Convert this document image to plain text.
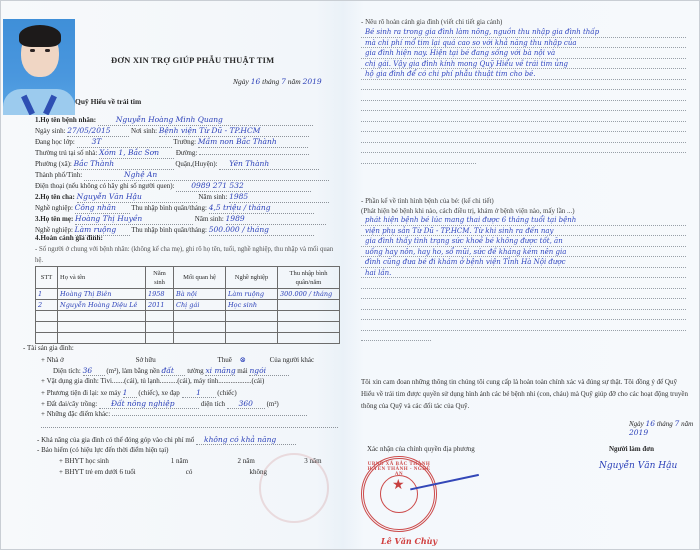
ĐƠN XIN TRỢ GIÚP PHẪU THUẬT TIM
Ngày 16 tháng 7 năm 2019
Quỹ Hiểu về trái tim
1.Họ tên bệnh nhân:	Nguyễn Hoàng Minh Quang
Ngày sinh: 27/05/2015	Nơi sinh: Bệnh viện Từ Dũ - TP.HCM
Đang học lớp: 3T	Trường: Mầm non Bắc Thành
Thường trú tại số nhà: Xóm 1, Bắc Sơn Đường:
Phường (xã): Bắc Thành	Quận,(Huyện): Yên Thành
Thành phố/Tỉnh:	Nghệ An
Điện thoại (nếu không có hãy ghi số người quen): 0989 271 532
2.Họ tên cha: Nguyễn Văn Hậu	Năm sinh: 1985
Nghề nghiệp: Công nhân Thu nhập bình quân/tháng: 4,5 triệu / tháng
3.Họ tên mẹ: Hoàng Thị Huyền	Năm sinh: 1989
Nghề nghiệp: Làm ruộng Thu nhập bình quân/tháng: 500.000 / tháng
4.Hoàn cảnh gia đình:
- Số người ở chung với bệnh nhân: (không kể cha mẹ), ghi rõ họ tên, tuổi, nghề nghiệp, thu nhập và mối quan hệ.
STT	Họ và tên	Năm sinh	Mối quan hệ	Nghề nghiệp	Thu nhập bình quân/năm
1	Hoàng Thị Biên	1958	Bà nội	Làm ruộng	300.000 / tháng
2	Nguyễn Hoàng Diệu Lê	2011	Chị gái	Học sinh	

- Tài sản gia đình:
+ Nhà ở	Sở hữu	Thuê ⊗	Của người khác
Diện tích: 36 (m²), làm bằng nền đất tường xi măng mái ngói
+ Vật dụng gia đình: Tivi.......(cái), tủ lạnh..........(cái), máy tính...................(cái)
+ Phương tiện đi lại: xe máy 1 (chiếc), xe đạp 1 (chiếc)
+ Đất đai/cây trồng: Đất nông nghiệp	diện tích 360 (m²)
+ Những đặc điểm khác:
- Khả năng của gia đình có thể đóng góp vào chi phí mổ không có khả năng
- Bảo hiểm (có hiệu lực đến thời điểm hiện tại)
+ BHYT học sinh	1 năm	2 năm	3 năm
+ BHYT trẻ em dưới 6 tuổi	có	không
- Nêu rõ hoàn cảnh gia đình (viết chi tiết gia cảnh)
Bé sinh ra trong gia đình làm nông, nguồn thu nhập gia đình thấp
mà chi phí mổ tim lại quá cao so với khả năng thu nhập của
gia đình hiện nay. Hiện tại bé đang sống với bà nội và
chị gái. Vậy gia đình kính mong Quỹ Hiểu về trái tim ủng
hộ gia đình để có chi phí phẫu thuật tim cho bé.
- Phần kể về tình hình bệnh của bé: (kể chi tiết)
(Phát hiện bé bệnh khi nào, cách điều trị, khám ở bệnh viện nào, mấy lần ...)
phát hiện bệnh bé lúc mang thai được 6 tháng tuổi tại bệnh
viện phụ sản Từ Dũ - TP.HCM. Từ khi sinh ra đến nay
gia đình thấy tình trạng sức khoẻ bé không được tốt, ăn
uống hay nôn, hay ho, sổ mũi, sức đề kháng kém nên gia
đình cũng đưa bé đi khám ở bệnh viện Tỉnh Hà Nội được
hai lần.
Tôi xin cam đoan những thông tin chúng tôi cung cấp là hoàn toàn chính xác và đúng sự thật. Tôi đồng ý để Quỹ Hiểu về trái tim được quyền sử dụng hình ảnh các bé bệnh nhi (con, cháu) mà Quỹ giúp đỡ cho các hoạt động truyền thông của Quỹ và các đối tác của Quỹ.
Ngày 16 tháng 7 năm 2019
Xác nhận của chính quyền địa phương	Người làm đơn
Nguyễn Văn Hậu
UBND XÃ BẮC THÀNH H.YÊN THÀNH - NGHỆ AN
★
Lê Văn Chùy
